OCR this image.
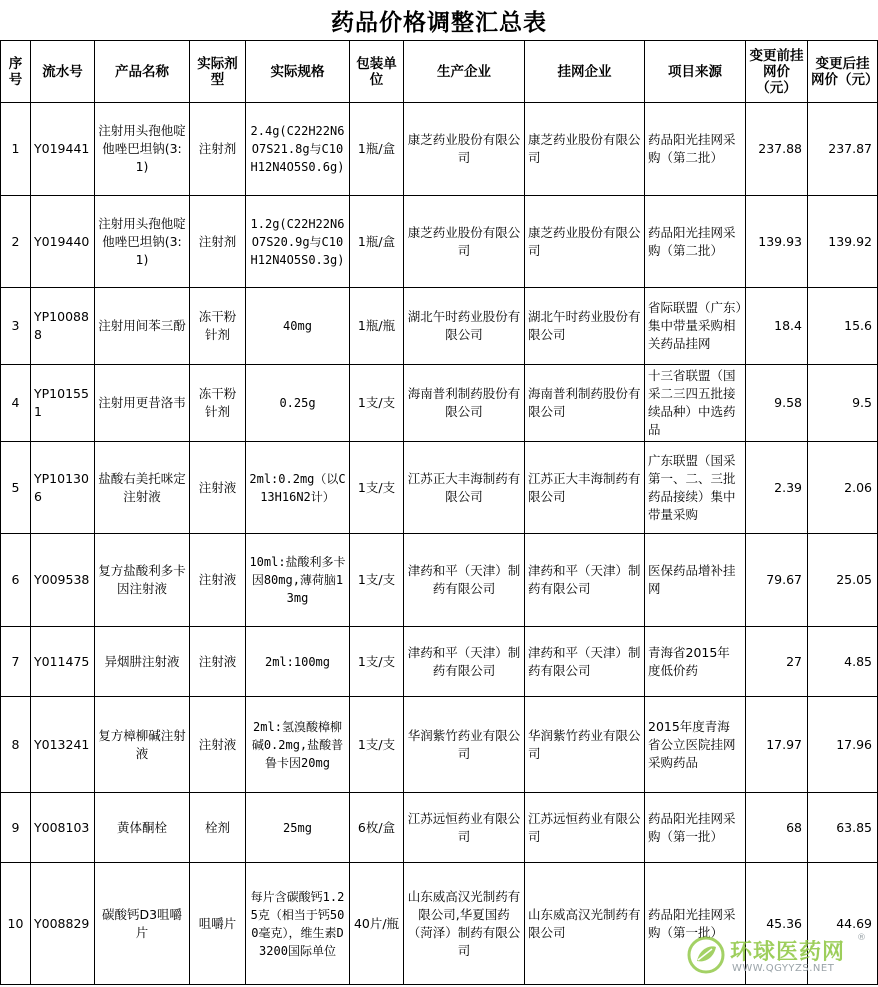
药品价格调整汇总表
序号	流水号	产品名称	实际剂型	实际规格	包装单位	生产企业	挂网企业	项目来源	变更前挂网价（元）	变更后挂网价（元）
1	Y019441	注射用头孢他啶他唑巴坦钠(3:1)	注射剂	2.4g(C22H22N6O7S21.8g与C10H12N4O5S0.6g)	1瓶/盒	康芝药业股份有限公司	康芝药业股份有限公司	药品阳光挂网采购（第二批）	237.88	237.87
2	Y019440	注射用头孢他啶他唑巴坦钠(3:1)	注射剂	1.2g(C22H22N6O7S20.9g与C10H12N4O5S0.3g)	1瓶/盒	康芝药业股份有限公司	康芝药业股份有限公司	药品阳光挂网采购（第二批）	139.93	139.92
3	YP100888	注射用间苯三酚	冻干粉针剂	40mg	1瓶/瓶	湖北午时药业股份有限公司	湖北午时药业股份有限公司	省际联盟（广东）集中带量采购相关药品挂网	18.4	15.6
4	YP101551	注射用更昔洛韦	冻干粉针剂	0.25g	1支/支	海南普利制药股份有限公司	海南普利制药股份有限公司	十三省联盟（国采二三四五批接续品种）中选药品	9.58	9.5
5	YP101306	盐酸右美托咪定注射液	注射液	2ml:0.2mg（以C13H16N2计）	1支/支	江苏正大丰海制药有限公司	江苏正大丰海制药有限公司	广东联盟（国采第一、二、三批药品接续）集中带量采购	2.39	2.06
6	Y009538	复方盐酸利多卡因注射液	注射液	10ml:盐酸利多卡因80mg,薄荷脑13mg	1支/支	津药和平（天津）制药有限公司	津药和平（天津）制药有限公司	医保药品增补挂网	79.67	25.05
7	Y011475	异烟肼注射液	注射液	2ml:100mg	1支/支	津药和平（天津）制药有限公司	津药和平（天津）制药有限公司	青海省2015年度低价药	27	4.85
8	Y013241	复方樟柳碱注射液	注射液	2ml:氢溴酸樟柳碱0.2mg,盐酸普鲁卡因20mg	1支/支	华润紫竹药业有限公司	华润紫竹药业有限公司	2015年度青海省公立医院挂网采购药品	17.97	17.96
9	Y008103	黄体酮栓	栓剂	25mg	6枚/盒	江苏远恒药业有限公司	江苏远恒药业有限公司	药品阳光挂网采购（第一批）	68	63.85
10	Y008829	碳酸钙D3咀嚼片	咀嚼片	每片含碳酸钙1.25克（相当于钙500毫克），维生素D3200国际单位	40片/瓶	山东威高汉光制药有限公司,华夏国药（菏泽）制药有限公司	山东威高汉光制药有限公司	药品阳光挂网采购（第一批）	45.36	44.69
环球医药网
®
WWW.QGYYZS.NET
